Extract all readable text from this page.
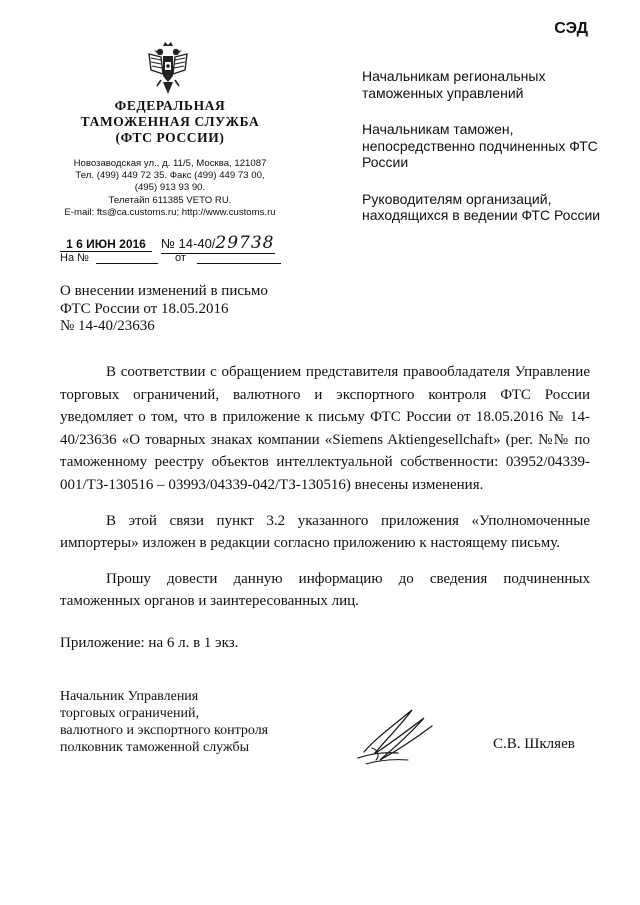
СЭД
ФЕДЕРАЛЬНАЯ
ТАМОЖЕННАЯ СЛУЖБА
(ФТС РОССИИ)
Новозаводская ул., д. 11/5, Москва, 121087
Тел. (499) 449 72 35. Факс (499) 449 73 00,
(495) 913 93 90.
Телетайп 611385 VETO RU.
E-mail: fts@ca.customs.ru; http://www.customs.ru
1 6 ИЮН 2016 № 14-40/29738
На №	от
Начальникам региональных таможенных управлений
Начальникам таможен, непосредственно подчиненных ФТС России
Руководителям организаций, находящихся в ведении ФТС России
О внесении изменений в письмо
ФТС России от 18.05.2016
№ 14-40/23636

В соответствии с обращением представителя правообладателя Управление торговых ограничений, валютного и экспортного контроля ФТС России уведомляет о том, что в приложение к письму ФТС России от 18.05.2016 № 14-40/23636 «О товарных знаках компании «Siemens Aktiengesellchaft» (рег. №№ по таможенному реестру объектов интеллектуальной собственности: 03952/04339-001/ТЗ-130516 – 03993/04339-042/ТЗ-130516) внесены изменения.

В этой связи пункт 3.2 указанного приложения «Уполномоченные импортеры» изложен в редакции согласно приложению к настоящему письму.

Прошу довести данную информацию до сведения подчиненных таможенных органов и заинтересованных лиц.

Приложение: на 6 л. в 1 экз.
Начальник Управления
торговых ограничений,
валютного и экспортного контроля
полковник таможенной службы	С.В. Шкляев
